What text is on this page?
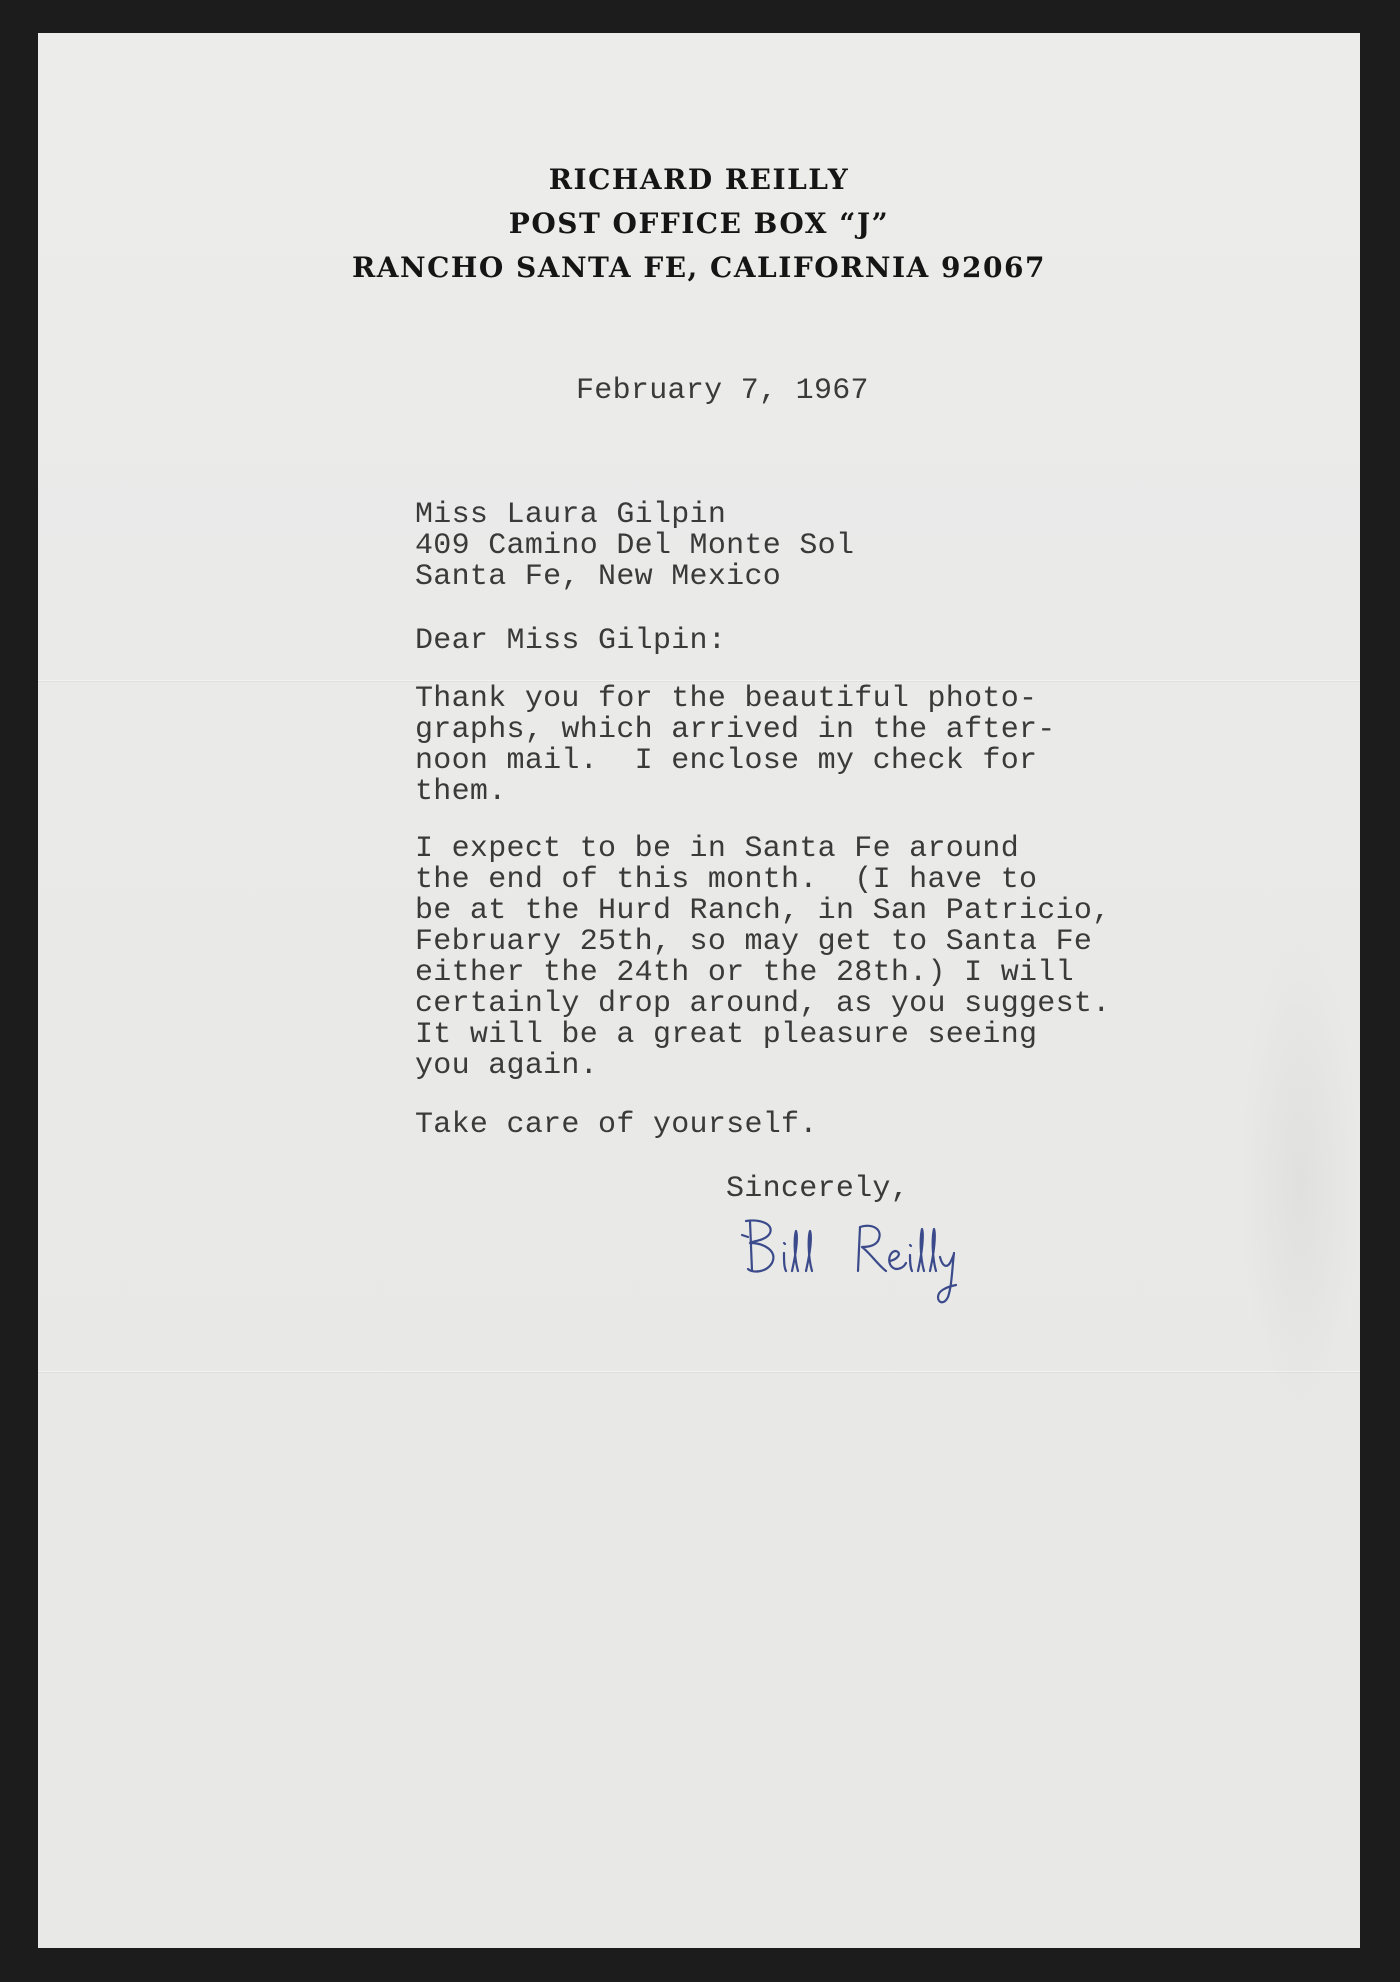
RICHARD REILLY
POST OFFICE BOX “J”
RANCHO SANTA FE, CALIFORNIA 92067
February 7, 1967
Miss Laura Gilpin
409 Camino Del Monte Sol
Santa Fe, New Mexico
Dear Miss Gilpin:
Thank you for the beautiful photo-
graphs, which arrived in the after-
noon mail.  I enclose my check for
them.
I expect to be in Santa Fe around
the end of this month.  (I have to
be at the Hurd Ranch, in San Patricio,
February 25th, so may get to Santa Fe
either the 24th or the 28th.) I will
certainly drop around, as you suggest.
It will be a great pleasure seeing
you again.
Take care of yourself.
Sincerely,
